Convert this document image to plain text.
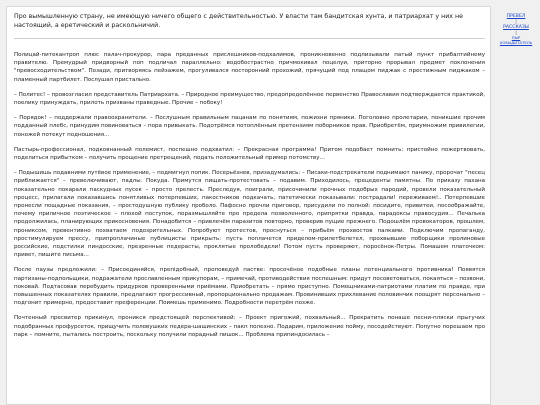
Про вымышленную страну, не имеющую ничего общего с действительностью. У власти там бандитская хунта, и патриархат у них не настоящий, а еретический и раскольничий.

Полицай-питекантроп плюс палач-прокурор, пара преданных прислешников-подхалимов, проникновенно подлизывали патый пункт прибалтийнему правителю. Премудрый придворный поп подличал параллельно: водобострастно причмокивал поцелуи, приторно прорывал предмет поклонения "превосходительством". Позади, притворяясь пейзажем, прогуливался посторонний прохожий, прячущий под плащом пиджак с престижным пиджаком – пламенный партбилет. Послушал пристально.

– Политес! – провозгласил представитель Патриархата. – Природное преимущество, предопределённое первенство Православия подтверждается практикой, поелику принуждать, прилоть призваны праведные. Прочие – побоку!

– Порядок! – поддержали правоохранители. – Послушным правильным пацанам по понятиям, пожизни пряники. Поголовно пролетарии, поникшие прочим подданный плебс, принудим повиноваться – пора привыкать. Подотрёмся потоплённым претензиям поборников прав. Приобретём, приумножим привилегии, поножей потекут подношения...

Пастырь-профессионал, подковнанный полемист, поспешно подхватил: – Прекрасная программа! Притом подобает помнить: пристойно пожертвовать, поделиться прибытком – получить прощение претрещений, подать положительный пример потомству...

– Подышишь подавними путёвое применение, – подмигнул попик. Посерьёзнев, призадумались: – Писаки-подстрекатели поднимают панику, пророчат "песец приближается" – превелючивают, падлы. Покуда. Примутся пищать-протестовать – подавим. Приходилось, прецеденты памятны. По приказу пахана показательно покарали паскудных пусек – просто прелесть. Преследуя, поиграли, присочинили прочных подобрых пародий, провели показательный процесс, прилагали показавшись понятливых потерпевших, пакостников подкачать, патетически показывали: пострадали! переживаем!.. Потерпевшие пронесли пощадные показания, – простодушную публику проболо. Пафосно прочли приговор, присудили по полной: посидите, привитеи, посоображайте, почему приличное поэтическое – плохой поступок, поразмышляйте про предела позволенного, припрятки правда, парадоксы правосудия... Печалька продолжилась, планирующих прикосновения. Понадобится – привлечём паразитов повторно, проверив пущие прежнего. Подошлём провокаторов, прошлем, прониксом, превентивно похватаем подозрительных. Попробуют протестов, проснуться – прибьём прохвостов палками. Подключим пропаганду, простимулируем прессу, припроплачиные публицисты прикрыть: пусть поплачется приделом-прилетбелетел, прохвывшие поборщики пролиновые российские, подстилки пиндосские, презренные педерасты, проклятые пролобедели! Потом пусть проверяют, поросёнок-Петры. Помашем платочком: привет, пишите письма...

После паузы предложили: – Присоединяйся, препідобный, проповедуй пастве: просочёное подобные планы потенциального противника! Появятся партизаны-подпольщики, подражатели прославленным прикупорам, – примечай, противодействия поспешным: придут посоветоваться, покаяться – позвони, поковай. Подтасовав перебудить придурков проверенными приёмами. Приобретать – прямо приступно. Помощниками-патриотами платим по правде, при повышенных показателях правили, предлагают прогрессивный, пропорционально продажам. Провинивших прихлевание половинчик поощрят персонально – подгонит примерно, предоставит преференции. Поимешь применимо. Подробности перетрём позже.

Почтенный пресвитер прикинул, проникся предстоящей перспективой: – Проект пригожий, похвальный... Прекратить понаше песни-пляски прыгучих подобранных профурсеток, прищучить половушких педера-шашинских – пакп полезно. Подарим, приложение пойму, посодействуют. Попутно порешаем про парк – помните, пытались построить, поскольку получили порадный пишок... Проблема припиндосилась –

ПРЕВЕЛ
|
РАССКАЗЫ
|
ПЫР
ХОБЫДИТАТЕЛЬ
